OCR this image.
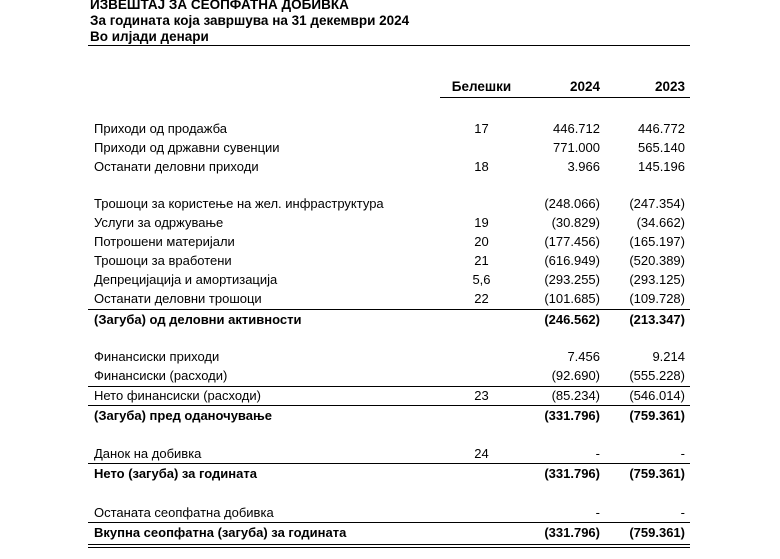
ИЗВЕШТАЈ ЗА СЕОПФАТНА ДОБИВКА
За годината која завршува на 31 декември 2024
Во илјади денари
Белешки	2024	2023
Приходи од продажба	17	446.712	446.772
Приходи од државни сувенции	771.000	565.140
Останати деловни приходи	18	3.966	145.196
Трошоци за користење на жел. инфраструктура	(248.066) (247.354)
Услуги за одржување	19	(30.829)	(34.662)
Потрошени материјали	20	(177.456) (165.197)
Трошоци за вработени	21	(616.949) (520.389)
Депрецијација и амортизација	5,6	(293.255) (293.125)
Останати деловни трошоци	22	(101.685) (109.728)
(Загуба) од деловни активности	(246.562) (213.347)
Финансиски приходи	7.456	9.214
Финансиски (расходи)	(92.690) (555.228)
Нето финансиски (расходи)	23	(85.234) (546.014)
(Загуба) пред оданочување	(331.796) (759.361)
Данок на добивка	24	-	-
Нето (загуба) за годината	(331.796) (759.361)
Останата сеопфатна добивка	-	-
Вкупна сеопфатна (загуба) за годината	(331.796) (759.361)
